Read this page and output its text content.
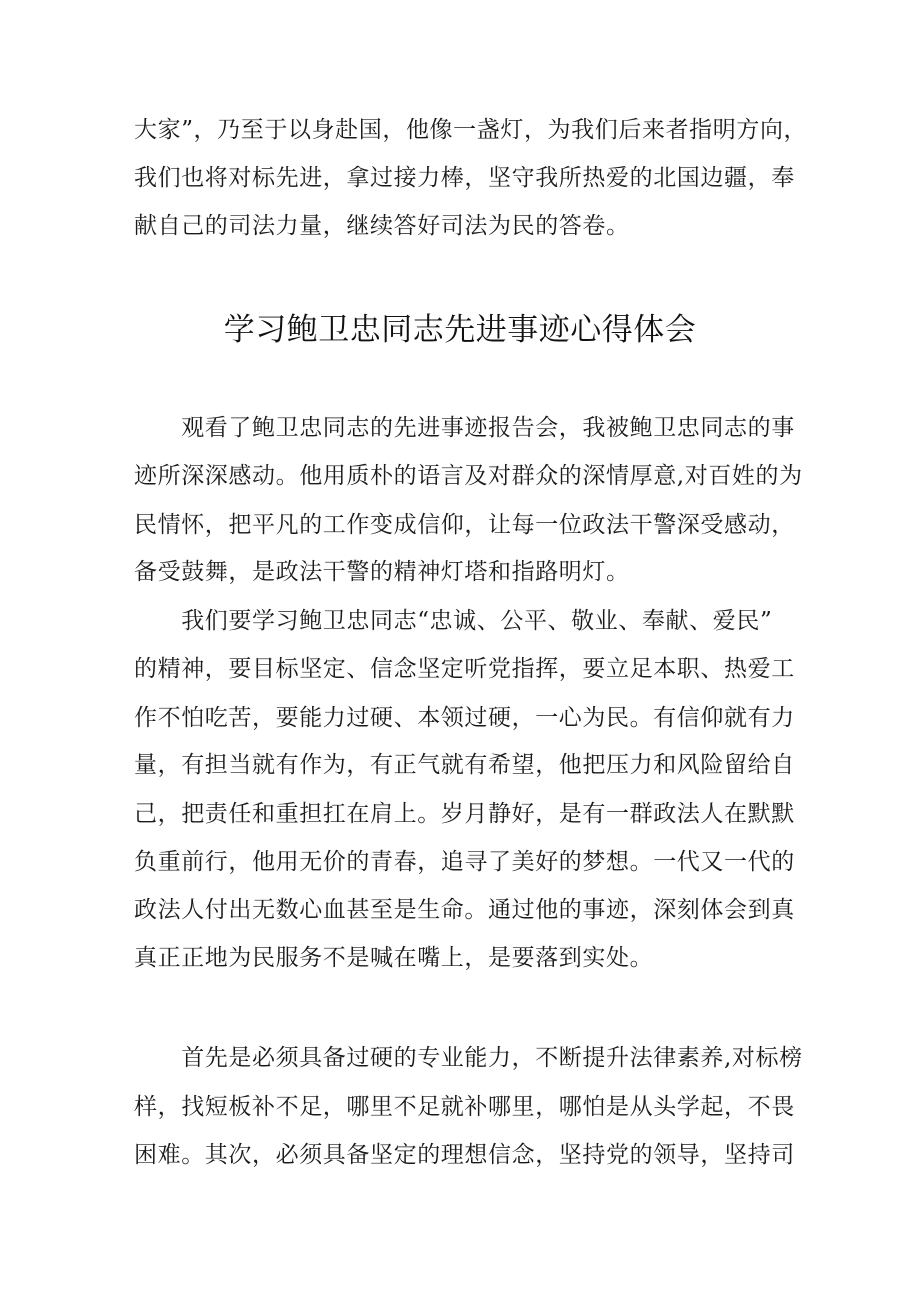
大家”，乃至于以身赴国，他像一盏灯，为我们后来者指明方向，
我们也将对标先进，拿过接力棒，坚守我所热爱的北国边疆，奉
献自己的司法力量，继续答好司法为民的答卷。
学习鲍卫忠同志先进事迹心得体会
　　观看了鲍卫忠同志的先进事迹报告会，我被鲍卫忠同志的事
迹所深深感动。他用质朴的语言及对群众的深情厚意,对百姓的为
民情怀，把平凡的工作变成信仰，让每一位政法干警深受感动，
备受鼓舞，是政法干警的精神灯塔和指路明灯。
　　我们要学习鲍卫忠同志“忠诚、公平、敬业、奉献、爱民”
的精神，要目标坚定、信念坚定听党指挥，要立足本职、热爱工
作不怕吃苦，要能力过硬、本领过硬，一心为民。有信仰就有力
量，有担当就有作为，有正气就有希望，他把压力和风险留给自
己，把责任和重担扛在肩上。岁月静好，是有一群政法人在默默
负重前行，他用无价的青春，追寻了美好的梦想。一代又一代的
政法人付出无数心血甚至是生命。通过他的事迹，深刻体会到真
真正正地为民服务不是喊在嘴上，是要落到实处。
　　首先是必须具备过硬的专业能力，不断提升法律素养,对标榜
样，找短板补不足，哪里不足就补哪里，哪怕是从头学起，不畏
困难。其次，必须具备坚定的理想信念，坚持党的领导，坚持司
